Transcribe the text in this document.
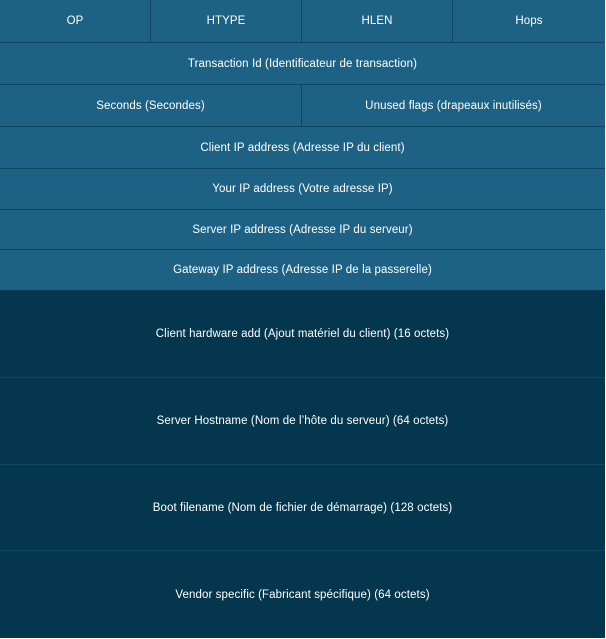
OP	HTYPE	HLEN	Hops
Transaction Id (Identificateur de transaction)
Seconds (Secondes)	Unused flags (drapeaux inutilisés)
Client IP address (Adresse IP du client)
Your IP address (Votre adresse IP)
Server IP address (Adresse IP du serveur)
Gateway IP address (Adresse IP de la passerelle)
Client hardware add (Ajout matériel du client) (16 octets)
Server Hostname (Nom de l’hôte du serveur) (64 octets)
Boot filename (Nom de fichier de démarrage) (128 octets)
Vendor specific (Fabricant spécifique) (64 octets)
